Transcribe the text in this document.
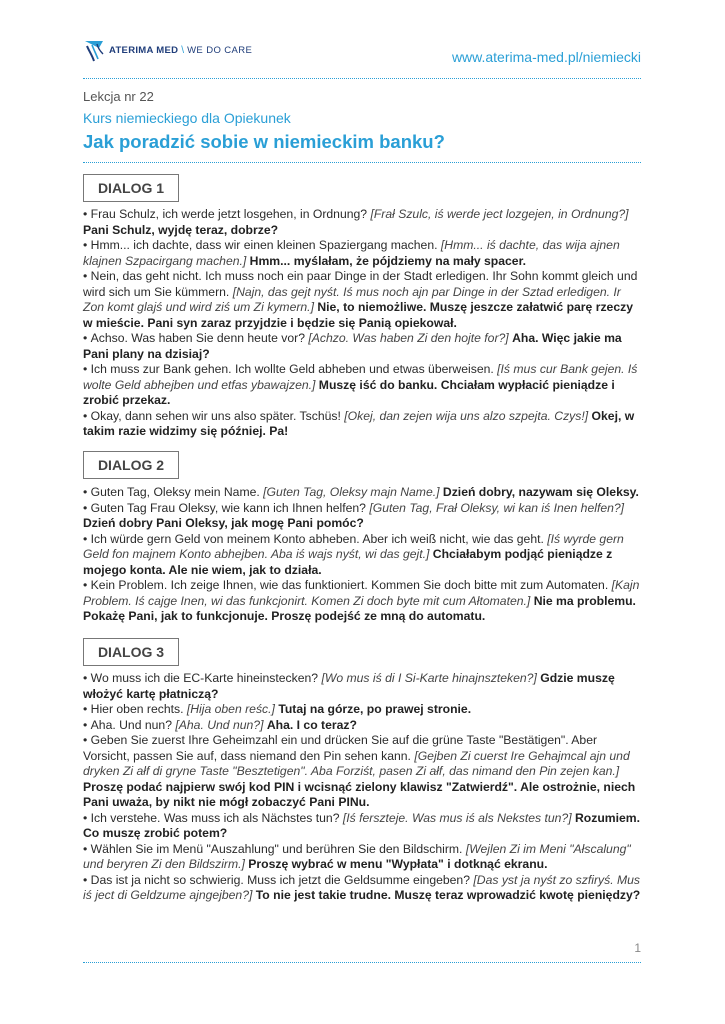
ATERIMA MED \ WE DO CARE	www.aterima-med.pl/niemiecki
Lekcja nr 22
Kurs niemieckiego dla Opiekunek
Jak poradzić sobie w niemieckim banku?
DIALOG 1

• Frau Schulz, ich werde jetzt losgehen, in Ordnung? [Frał Szulc, iś werde ject lozgejen, in Ordnung?] Pani Schulz, wyjdę teraz, dobrze?

• Hmm... ich dachte, dass wir einen kleinen Spaziergang machen. [Hmm... iś dachte, das wija ajnen klajnen Szpacirgang machen.] Hmm... myślałam, że pójdziemy na mały spacer.

• Nein, das geht nicht. Ich muss noch ein paar Dinge in der Stadt erledigen. Ihr Sohn kommt gleich und wird sich um Sie kümmern. [Najn, das gejt nyśt. Iś mus noch ajn par Dinge in der Sztad erledigen. Ir Zon komt glajś und wird ziś um Zi kymern.] Nie, to niemożliwe. Muszę jeszcze załatwić parę rzeczy w mieście. Pani syn zaraz przyjdzie i będzie się Panią opiekował.

• Achso. Was haben Sie denn heute vor? [Achzo. Was haben Zi den hojte for?] Aha. Więc jakie ma Pani plany na dzisiaj?

• Ich muss zur Bank gehen. Ich wollte Geld abheben und etwas überweisen. [Iś mus cur Bank gejen. Iś wolte Geld abhejben und etfas ybawajzen.] Muszę iść do banku. Chciałam wypłacić pieniądze i zrobić przekaz.

• Okay, dann sehen wir uns also später. Tschüs! [Okej, dan zejen wija uns alzo szpejta. Czys!] Okej, w takim razie widzimy się później. Pa!

DIALOG 2

• Guten Tag, Oleksy mein Name. [Guten Tag, Oleksy majn Name.] Dzień dobry, nazywam się Oleksy.

• Guten Tag Frau Oleksy, wie kann ich Ihnen helfen? [Guten Tag, Frał Oleksy, wi kan iś Inen helfen?] Dzień dobry Pani Oleksy, jak mogę Pani pomóc?

• Ich würde gern Geld von meinem Konto abheben. Aber ich weiß nicht, wie das geht. [Iś wyrde gern Geld fon majnem Konto abhejben. Aba iś wajs nyśt, wi das gejt.] Chciałabym podjąć pieniądze z mojego konta. Ale nie wiem, jak to działa.

• Kein Problem. Ich zeige Ihnen, wie das funktioniert. Kommen Sie doch bitte mit zum Automaten. [Kajn Problem. Iś cajge Inen, wi das funkcjonirt. Komen Zi doch byte mit cum Ałtomaten.] Nie ma problemu. Pokażę Pani, jak to funkcjonuje. Proszę podejść ze mną do automatu.

DIALOG 3

• Wo muss ich die EC-Karte hineinstecken? [Wo mus iś di I Si-Karte hinajnszteken?] Gdzie muszę włożyć kartę płatniczą?

• Hier oben rechts. [Hija oben reśc.] Tutaj na górze, po prawej stronie.

• Aha. Und nun? [Aha. Und nun?] Aha. I co teraz?

• Geben Sie zuerst Ihre Geheimzahl ein und drücken Sie auf die grüne Taste "Bestätigen". Aber Vorsicht, passen Sie auf, dass niemand den Pin sehen kann. [Gejben Zi cuerst Ire Gehajmcal ajn und dryken Zi ałf di gryne Taste "Besztetigen". Aba Forziśt, pasen Zi ałf, das nimand den Pin zejen kan.] Proszę podać najpierw swój kod PIN i wcisnąć zielony klawisz "Zatwierdź". Ale ostrożnie, niech Pani uważa, by nikt nie mógł zobaczyć Pani PINu.

• Ich verstehe. Was muss ich als Nächstes tun? [Iś ferszteje. Was mus iś als Nekstes tun?] Rozumiem. Co muszę zrobić potem?

• Wählen Sie im Menü "Auszahlung" und berühren Sie den Bildschirm. [Wejlen Zi im Meni "Ałscalung" und beryren Zi den Bildszirm.] Proszę wybrać w menu "Wypłata" i dotknąć ekranu.

• Das ist ja nicht so schwierig. Muss ich jetzt die Geldsumme eingeben? [Das yst ja nyśt zo szfiryś. Mus iś ject di Geldzume ajngejben?] To nie jest takie trudne. Muszę teraz wprowadzić kwotę pieniędzy?

1
